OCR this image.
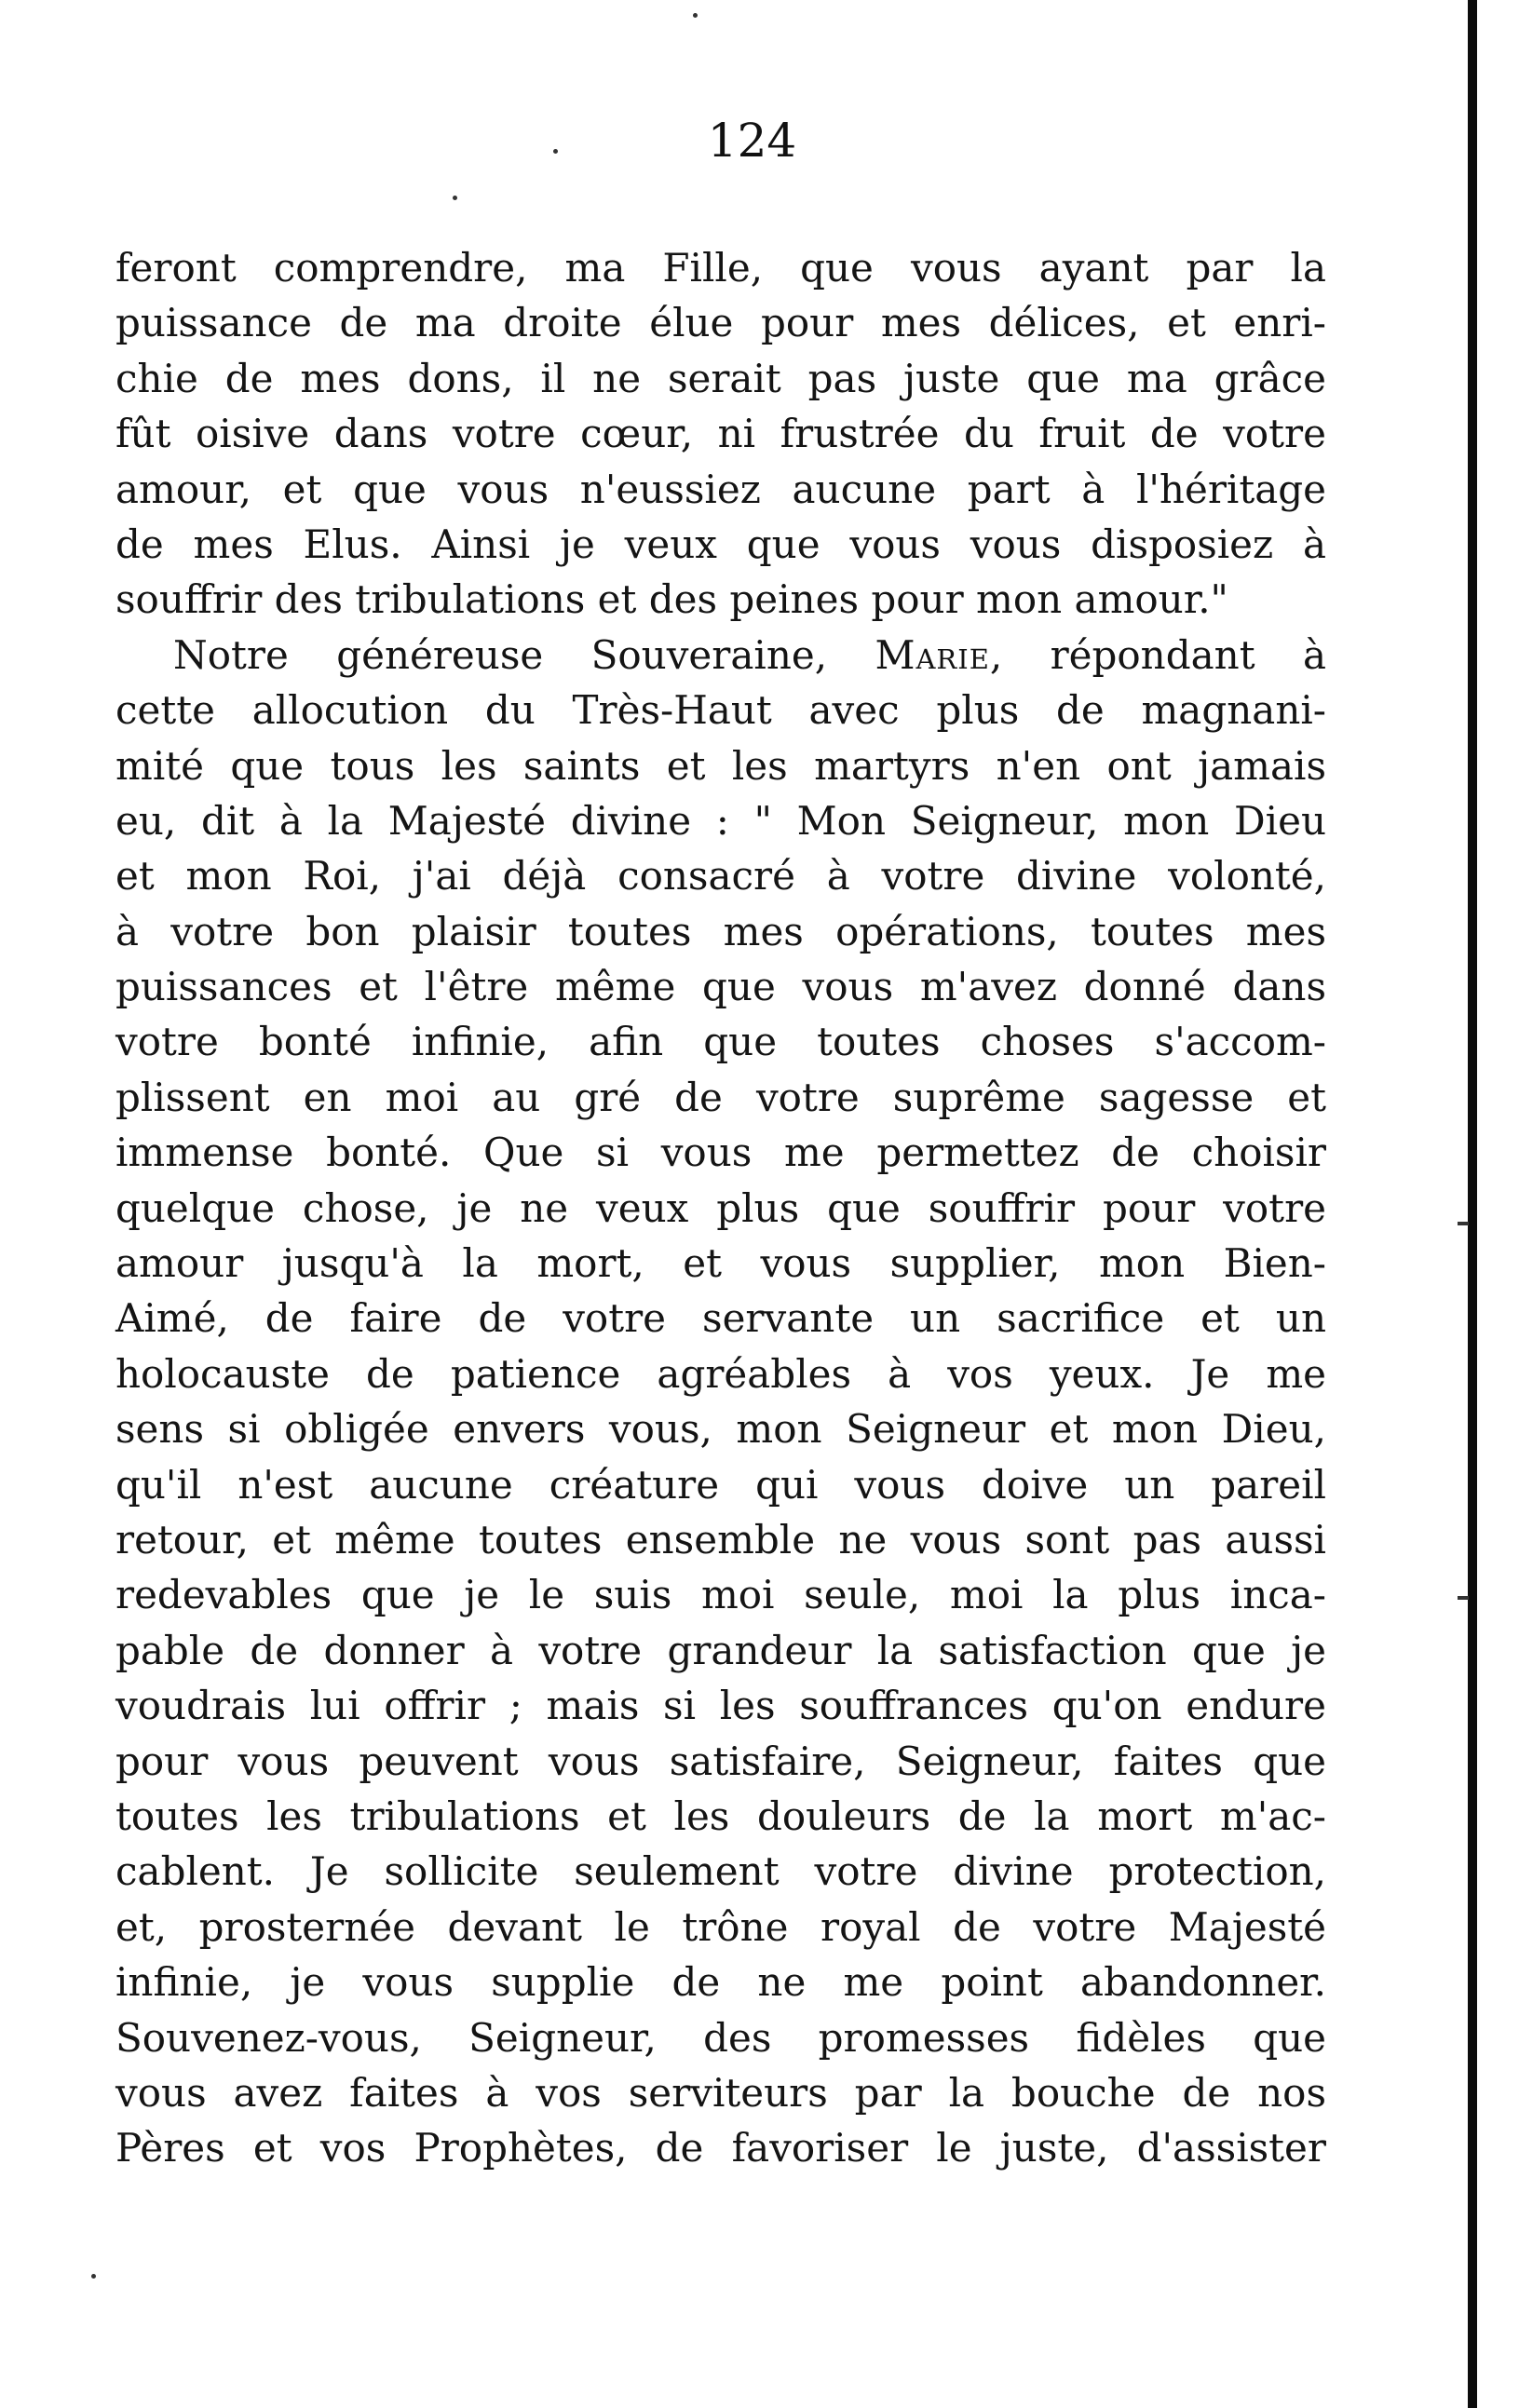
124
feront comprendre, ma Fille, que vous ayant par la
puissance de ma droite élue pour mes délices, et enri-
chie de mes dons, il ne serait pas juste que ma grâce
fût oisive dans votre cœur, ni frustrée du fruit de votre
amour, et que vous n'eussiez aucune part à l'héritage
de mes Elus. Ainsi je veux que vous vous disposiez à
souffrir des tribulations et des peines pour mon amour."
Notre généreuse Souveraine, Marie, répondant à
cette allocution du Très-Haut avec plus de magnani-
mité que tous les saints et les martyrs n'en ont jamais
eu, dit à la Majesté divine : " Mon Seigneur, mon Dieu
et mon Roi, j'ai déjà consacré à votre divine volonté,
à votre bon plaisir toutes mes opérations, toutes mes
puissances et l'être même que vous m'avez donné dans
votre bonté infinie, afin que toutes choses s'accom-
plissent en moi au gré de votre suprême sagesse et
immense bonté. Que si vous me permettez de choisir
quelque chose, je ne veux plus que souffrir pour votre
amour jusqu'à la mort, et vous supplier, mon Bien-
Aimé, de faire de votre servante un sacrifice et un
holocauste de patience agréables à vos yeux. Je me
sens si obligée envers vous, mon Seigneur et mon Dieu,
qu'il n'est aucune créature qui vous doive un pareil
retour, et même toutes ensemble ne vous sont pas aussi
redevables que je le suis moi seule, moi la plus inca-
pable de donner à votre grandeur la satisfaction que je
voudrais lui offrir ; mais si les souffrances qu'on endure
pour vous peuvent vous satisfaire, Seigneur, faites que
toutes les tribulations et les douleurs de la mort m'ac-
cablent. Je sollicite seulement votre divine protection,
et, prosternée devant le trône royal de votre Majesté
infinie, je vous supplie de ne me point abandonner.
Souvenez-vous, Seigneur, des promesses fidèles que
vous avez faites à vos serviteurs par la bouche de nos
Pères et vos Prophètes, de favoriser le juste, d'assister
